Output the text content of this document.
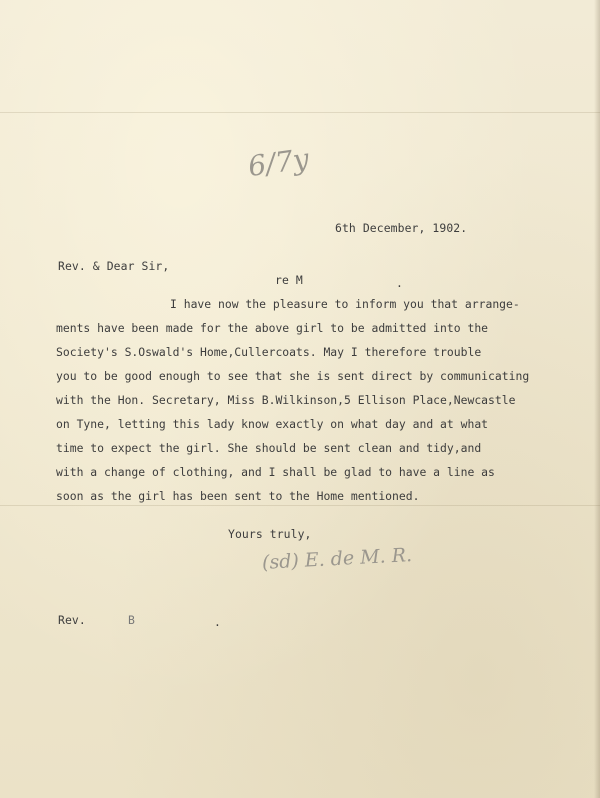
6/7y
6th December, 1902.
Rev. & Dear Sir,
re M	.
I have now the pleasure to inform you that arrange-
ments have been made for the above girl to be admitted into the
Society's S.Oswald's Home,Cullercoats. May I therefore trouble
you to be good enough to see that she is sent direct by communicating
with the Hon. Secretary, Miss B.Wilkinson,5 Ellison Place,Newcastle
on Tyne, letting this lady know exactly on what day and at what
time to expect the girl. She should be sent clean and tidy,and
with a change of clothing, and I shall be glad to have a line as
soon as the girl has been sent to the Home mentioned.
Yours truly,
(sd) E. de M. R.
Rev.	B	.
